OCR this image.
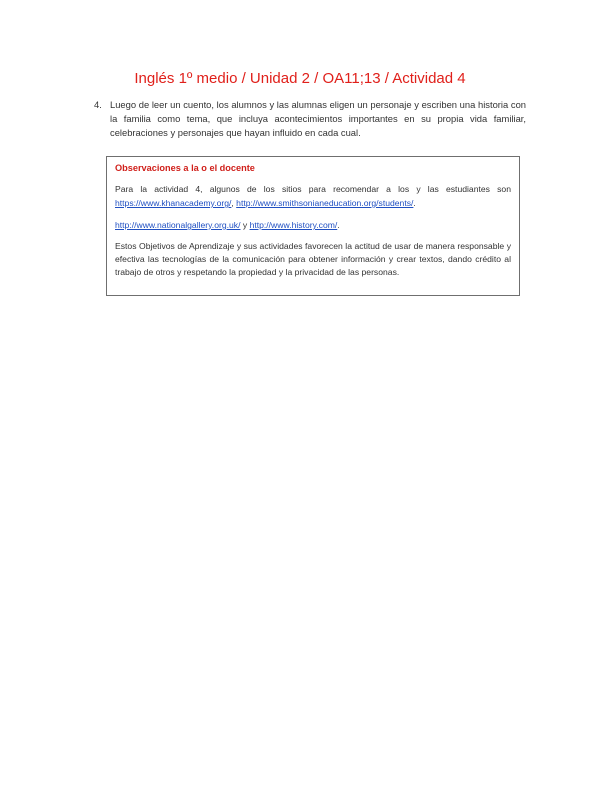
Inglés 1º medio / Unidad 2 / OA11;13 / Actividad 4
4. Luego de leer un cuento, los alumnos y las alumnas eligen un personaje y escriben una historia con la familia como tema, que incluya acontecimientos importantes en su propia vida familiar, celebraciones y personajes que hayan influido en cada cual.
Observaciones a la o el docente

Para la actividad 4, algunos de los sitios para recomendar a los y las estudiantes son https://www.khanacademy.org/, http://www.smithsonianeducation.org/students/.

http://www.nationalgallery.org.uk/ y http://www.history.com/.

Estos Objetivos de Aprendizaje y sus actividades favorecen la actitud de usar de manera responsable y efectiva las tecnologías de la comunicación para obtener información y crear textos, dando crédito al trabajo de otros y respetando la propiedad y la privacidad de las personas.
